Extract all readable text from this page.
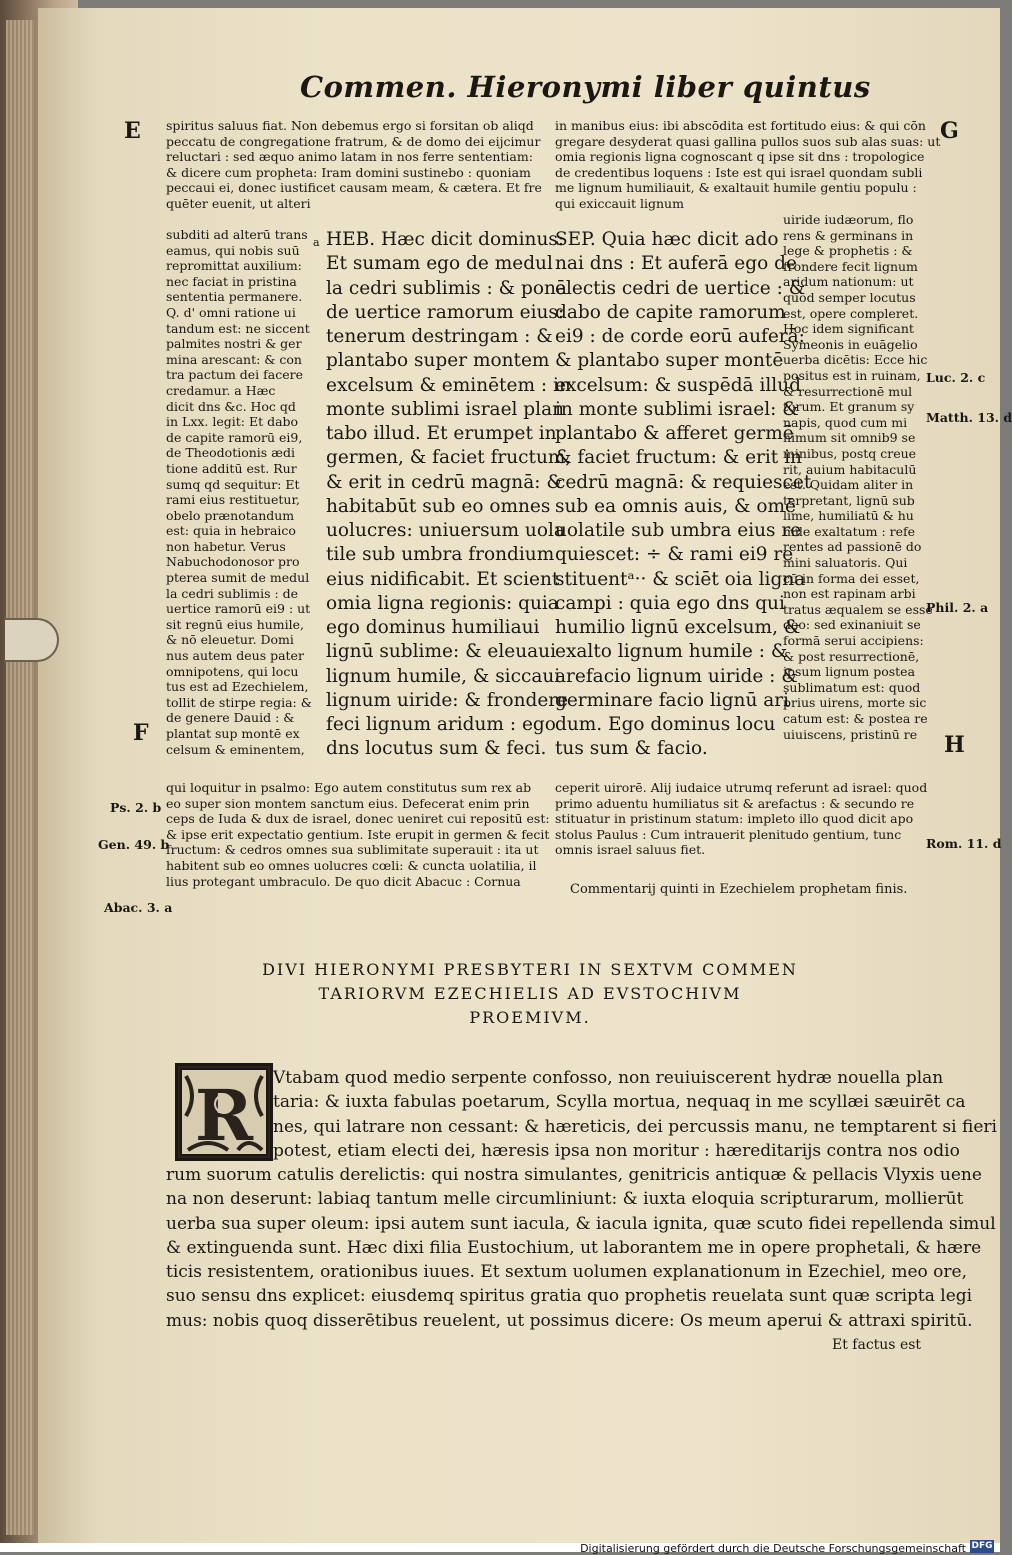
Commen. Hieronymi liber quintus
E	G
F	H
spiritus saluus fiat. Non debemus ergo si forsitan ob aliqd
peccatu de congregatione fratrum, & de domo dei eijcimur
reluctari : sed æquo animo latam in nos ferre sententiam:
& dicere cum propheta: Iram domini sustinebo : quoniam
peccaui ei, donec iustificet causam meam, & cætera. Et fre
quēter euenit, ut alteri
in manibus eius: ibi abscōdita est fortitudo eius: & qui cōn
gregare desyderat quasi gallina pullos suos sub alas suas: ut
omia regionis ligna cognoscant q ipse sit dns : tropologice
de credentibus loquens : Iste est qui israel quondam subli
me lignum humiliauit, & exaltauit humile gentiu populu :
qui exiccauit lignum
subditi ad alterū trans
eamus, qui nobis suū
repromittat auxilium:
nec faciat in pristina
sententia permanere.
Q. d' omni ratione ui
tandum est: ne siccent
palmites nostri & ger
mina arescant: & con
tra pactum dei facere
credamur. a Hæc
dicit dns &c. Hoc qd
in Lxx. legit: Et dabo
de capite ramorū ei9,
de Theodotionis ædi
tione additū est. Rur
sumq qd sequitur: Et
rami eius restituetur,
obelo prænotandum
est: quia in hebraico
non habetur. Verus
Nabuchodonosor pro
pterea sumit de medul
la cedri sublimis : de
uertice ramorū ei9 : ut
sit regnū eius humile,
& nō eleuetur. Domi
nus autem deus pater
omnipotens, qui locu
tus est ad Ezechielem,
tollit de stirpe regia: &
de genere Dauid : &
plantat sup montē ex
celsum & eminentem,
a HEB. Hæc dicit dominus:
Et sumam ego de medul
la cedri sublimis : & ponā
de uertice ramorum eius:
tenerum destringam : &
plantabo super montem
excelsum & eminētem : in
monte sublimi israel plan
tabo illud. Et erumpet in
germen, & faciet fructum,
& erit in cedrū magnā: &
habitabūt sub eo omnes
uolucres: uniuersum uola
tile sub umbra frondium
eius nidificabit. Et scient
omia ligna regionis: quia
ego dominus humiliaui
lignū sublime: & eleuaui
lignum humile, & siccaui
lignum uiride: & frondere
feci lignum aridum : ego
dns locutus sum & feci.
SEP. Quia hæc dicit ado
nai dns : Et auferā ego de
electis cedri de uertice : &
dabo de capite ramorum
ei9 : de corde eorū auferā:
& plantabo super montē
excelsum: & suspēdā illud
in monte sublimi israel: &
plantabo & afferet germē
& faciet fructum: & erit in
cedrū magnā: & requiescet
sub ea omnis auis, & omē
uolatile sub umbra eius re
quiescet: ÷ & rami ei9 re
stituentᵃ·· & sciēt oia ligna
campi : quia ego dns qui
humilio lignū excelsum, &
exalto lignum humile : &
arefacio lignum uiride : &
germinare facio lignū ari
dum. Ego dominus locu
tus sum & facio.
uiride iudæorum, flo
rens & germinans in
lege & prophetis : &
frondere fecit lignum
aridum nationum: ut
quod semper locutus
est, opere compleret.
Hoc idem significant
Symeonis in euāgelio
uerba dicētis: Ecce hic
positus est in ruinam,
& resurrectionē mul
torum. Et granum sy
napis, quod cum mi
nimum sit omnib9 se
minibus, postq creue
rit, auium habitaculū
est. Quidam aliter in
terpretant, lignū sub
lime, humiliatū & hu
mile exaltatum : refe
rentes ad passionē do
mini saluatoris. Qui
cū in forma dei esset,
non est rapinam arbi
tratus æqualem se esse
deo: sed exinaniuit se
formā serui accipiens:
& post resurrectionē,
ipsum lignum postea
sublimatum est: quod
prius uirens, morte sic
catum est: & postea re
uiuiscens, pristinū re
qui loquitur in psalmo: Ego autem constitutus sum rex ab
eo super sion montem sanctum eius. Defecerat enim prin
ceps de Iuda & dux de israel, donec ueniret cui repositū est:
& ipse erit expectatio gentium. Iste erupit in germen & fecit
fructum: & cedros omnes sua sublimitate superauit : ita ut
habitent sub eo omnes uolucres cœli: & cuncta uolatilia, il
lius protegant umbraculo. De quo dicit Abacuc : Cornua
ceperit uirorē. Alij iudaice utrumq referunt ad israel: quod
primo aduentu humiliatus sit & arefactus : & secundo re
stituatur in pristinum statum: impleto illo quod dicit apo
stolus Paulus : Cum intrauerit plenitudo gentium, tunc
omnis israel saluus fiet.
Commentarij quinti in Ezechielem prophetam finis.
Luc. 2. c
Matth. 13. d
Phil. 2. a
Rom. 11. d
Ps. 2. b
Gen. 49. b
Abac. 3. a
DIVI HIERONYMI PRESBYTERI IN SEXTVM COMMEN
TARIORVM EZECHIELIS AD EVSTOCHIVM
PROEMIVM.
R Vtabam quod medio serpente confosso, non reuiuiscerent hydræ nouella plan
taria: & iuxta fabulas poetarum, Scylla mortua, nequaq in me scyllæi sæuirēt ca
nes, qui latrare non cessant: & hæreticis, dei percussis manu, ne temptarent si fieri
potest, etiam electi dei, hæresis ipsa non moritur : hæreditarijs contra nos odio
rum suorum catulis derelictis: qui nostra simulantes, genitricis antiquæ & pellacis Vlyxis uene
na non deserunt: labiaq tantum melle circumliniunt: & iuxta eloquia scripturarum, mollierūt
uerba sua super oleum: ipsi autem sunt iacula, & iacula ignita, quæ scuto fidei repellenda simul
& extinguenda sunt. Hæc dixi filia Eustochium, ut laborantem me in opere prophetali, & hære
ticis resistentem, orationibus iuues. Et sextum uolumen explanationum in Ezechiel, meo ore,
suo sensu dns explicet: eiusdemq spiritus gratia quo prophetis reuelata sunt quæ scripta legi
mus: nobis quoq disserētibus reuelent, ut possimus dicere: Os meum aperui & attraxi spiritū.
Et factus est
Digitalisierung gefördert durch die Deutsche Forschungsgemeinschaft DFG
